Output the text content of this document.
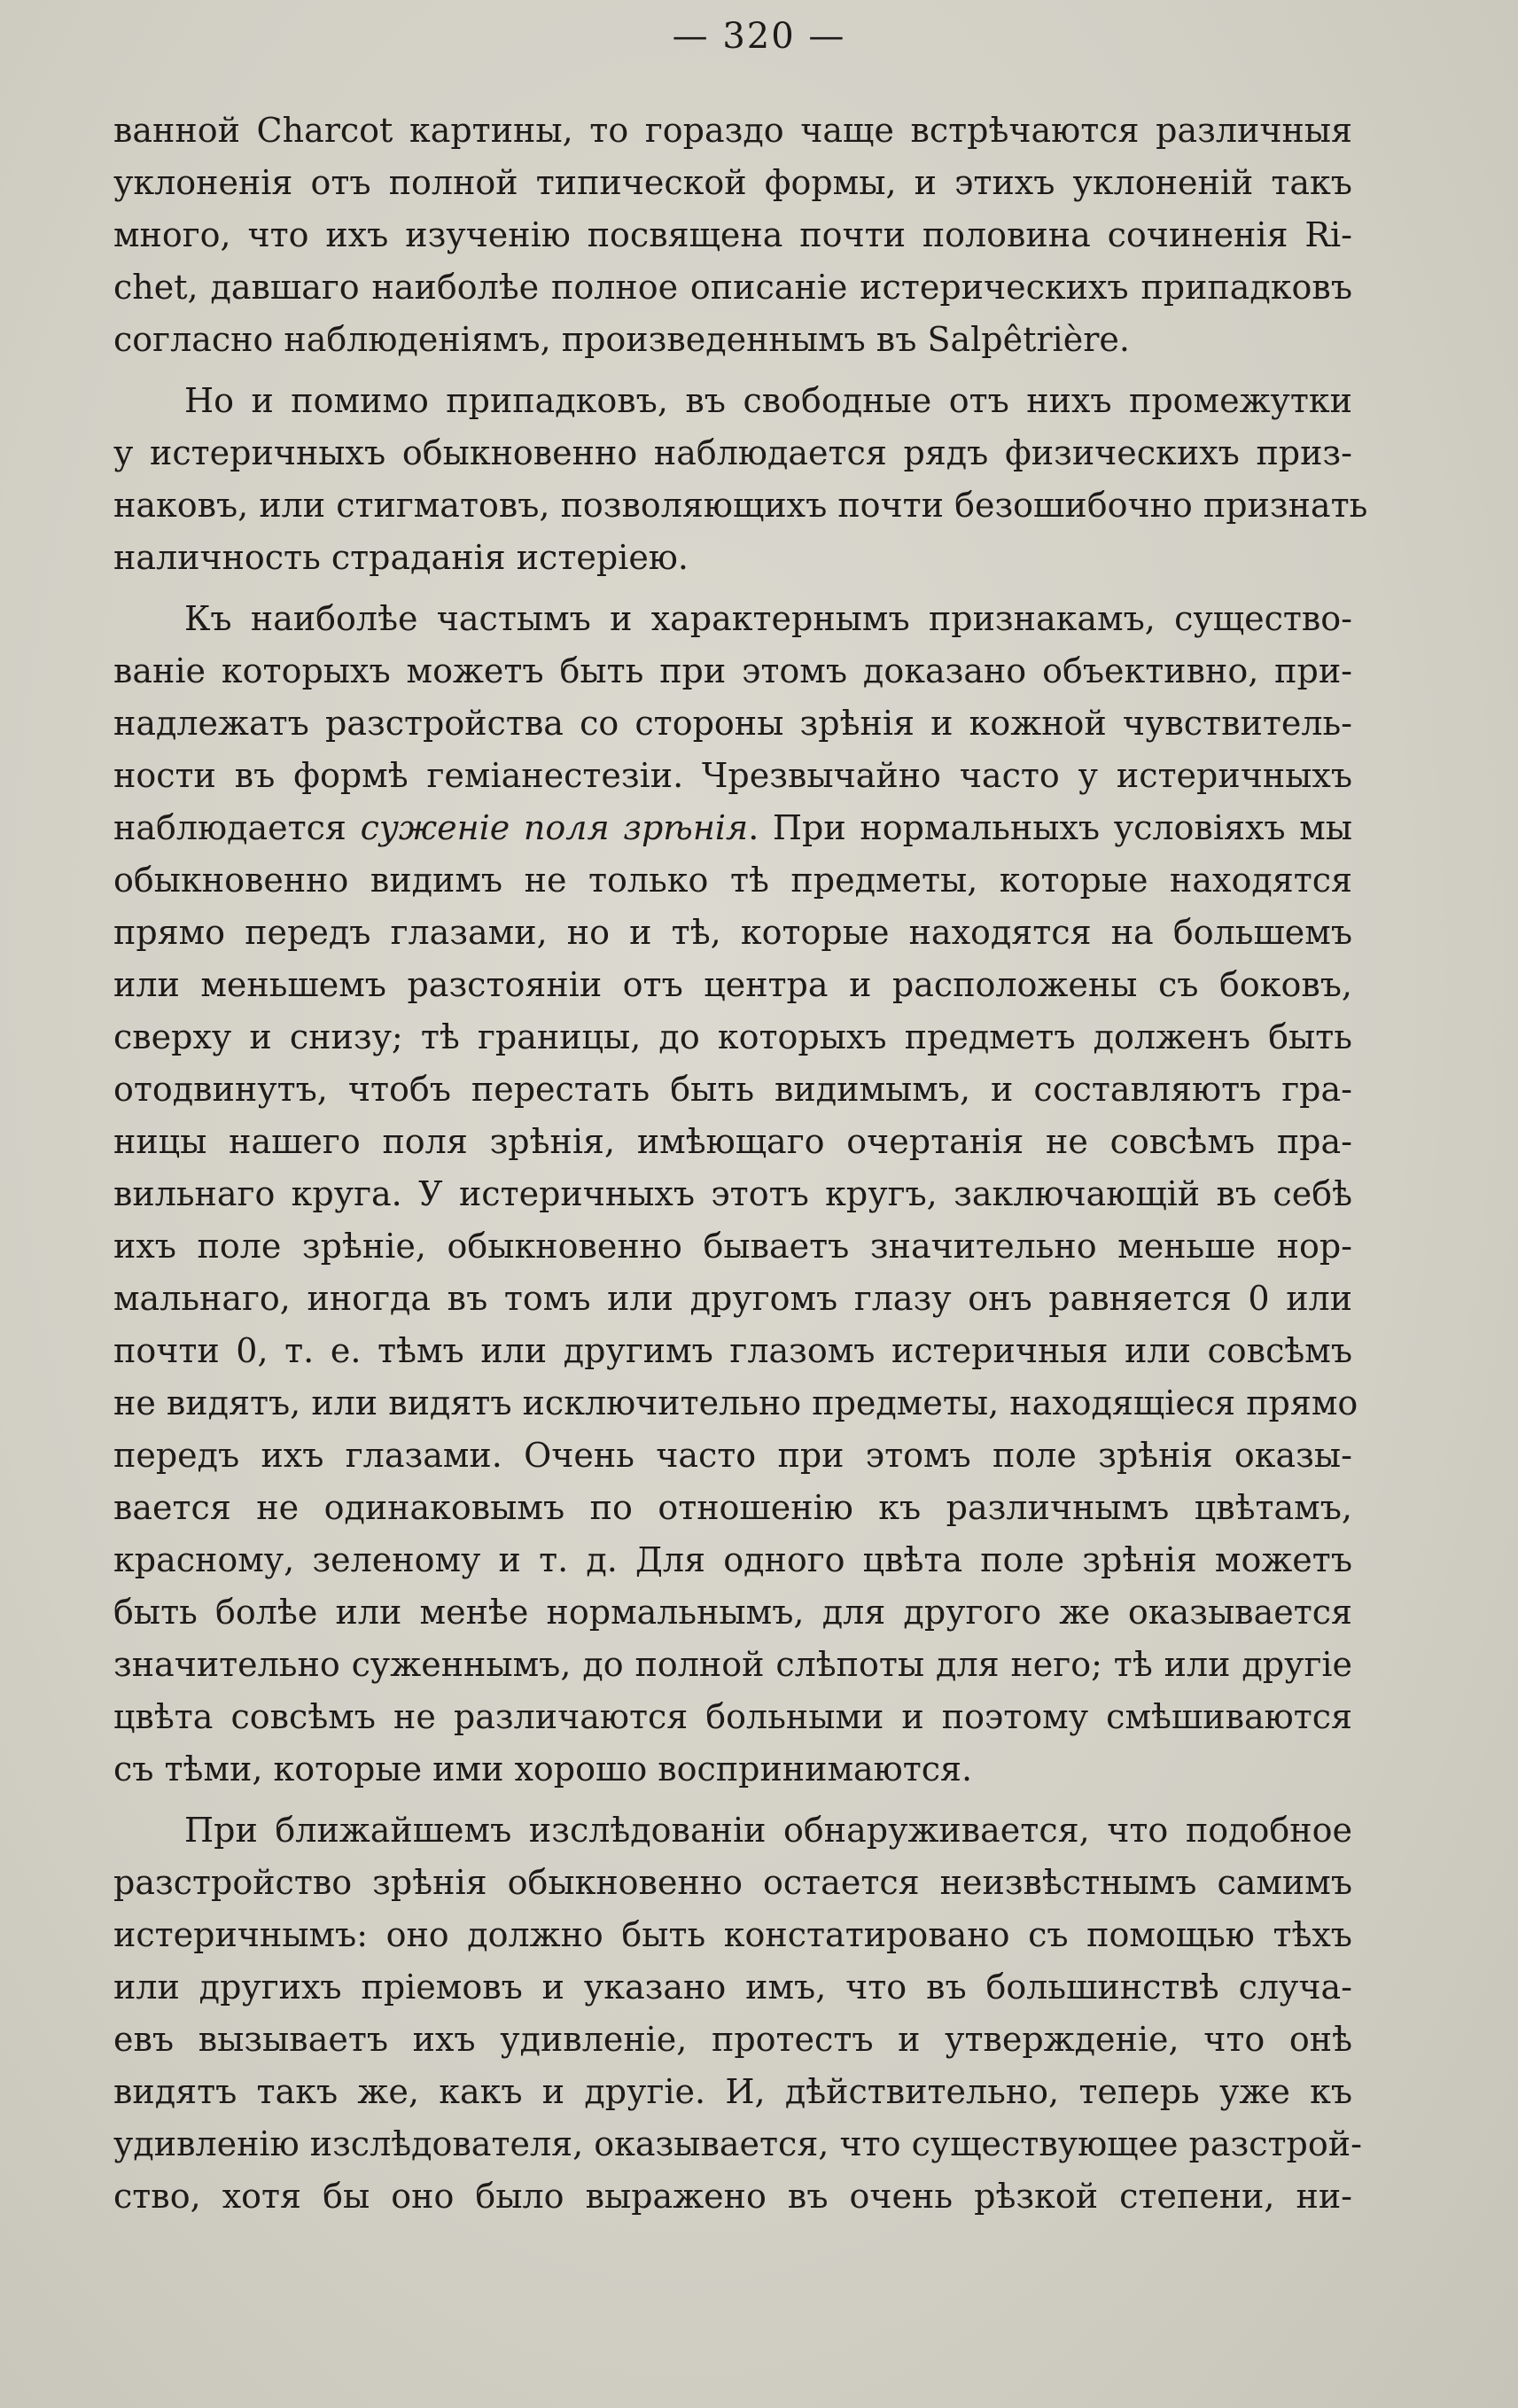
— 320 —

ванной Charcot картины, то гораздо чаще встрѣчаются различныя
уклоненія отъ полной типической формы, и этихъ уклоненій такъ
много, что ихъ изученію посвящена почти половина сочиненія Ri-
chet, давшаго наиболѣе полное описаніе истерическихъ припадковъ
согласно наблюденіямъ, произведеннымъ въ Salpêtrière.

Но и помимо припадковъ, въ свободные отъ нихъ промежутки
у истеричныхъ обыкновенно наблюдается рядъ физическихъ приз-
наковъ, или стигматовъ, позволяющихъ почти безошибочно признать
наличность страданія истеріею.

Къ наиболѣе частымъ и характернымъ признакамъ, существо-
ваніе которыхъ можетъ быть при этомъ доказано объективно, при-
надлежатъ разстройства со стороны зрѣнія и кожной чувствитель-
ности въ формѣ геміанестезіи. Чрезвычайно часто у истеричныхъ
наблюдается суженіе поля зрѣнія. При нормальныхъ условіяхъ мы
обыкновенно видимъ не только тѣ предметы, которые находятся
прямо передъ глазами, но и тѣ, которые находятся на большемъ
или меньшемъ разстояніи отъ центра и расположены съ боковъ,
сверху и снизу; тѣ границы, до которыхъ предметъ долженъ быть
отодвинутъ, чтобъ перестать быть видимымъ, и составляютъ гра-
ницы нашего поля зрѣнія, имѣющаго очертанія не совсѣмъ пра-
вильнаго круга. У истеричныхъ этотъ кругъ, заключающій въ себѣ
ихъ поле зрѣніе, обыкновенно бываетъ значительно меньше нор-
мальнаго, иногда въ томъ или другомъ глазу онъ равняется 0 или
почти 0, т. е. тѣмъ или другимъ глазомъ истеричныя или совсѣмъ
не видятъ, или видятъ исключительно предметы, находящіеся прямо
передъ ихъ глазами. Очень часто при этомъ поле зрѣнія оказы-
вается не одинаковымъ по отношенію къ различнымъ цвѣтамъ,
красному, зеленому и т. д. Для одного цвѣта поле зрѣнія можетъ
быть болѣе или менѣе нормальнымъ, для другого же оказывается
значительно суженнымъ, до полной слѣпоты для него; тѣ или другіе
цвѣта совсѣмъ не различаются больными и поэтому смѣшиваются
съ тѣми, которые ими хорошо воспринимаются.

При ближайшемъ изслѣдованіи обнаруживается, что подобное
разстройство зрѣнія обыкновенно остается неизвѣстнымъ самимъ
истеричнымъ: оно должно быть констатировано съ помощью тѣхъ
или другихъ пріемовъ и указано имъ, что въ большинствѣ случа-
евъ вызываетъ ихъ удивленіе, протестъ и утвержденіе, что онѣ
видятъ такъ же, какъ и другіе. И, дѣйствительно, теперь уже къ
удивленію изслѣдователя, оказывается, что существующее разстрой-
ство, хотя бы оно было выражено въ очень рѣзкой степени, ни-
